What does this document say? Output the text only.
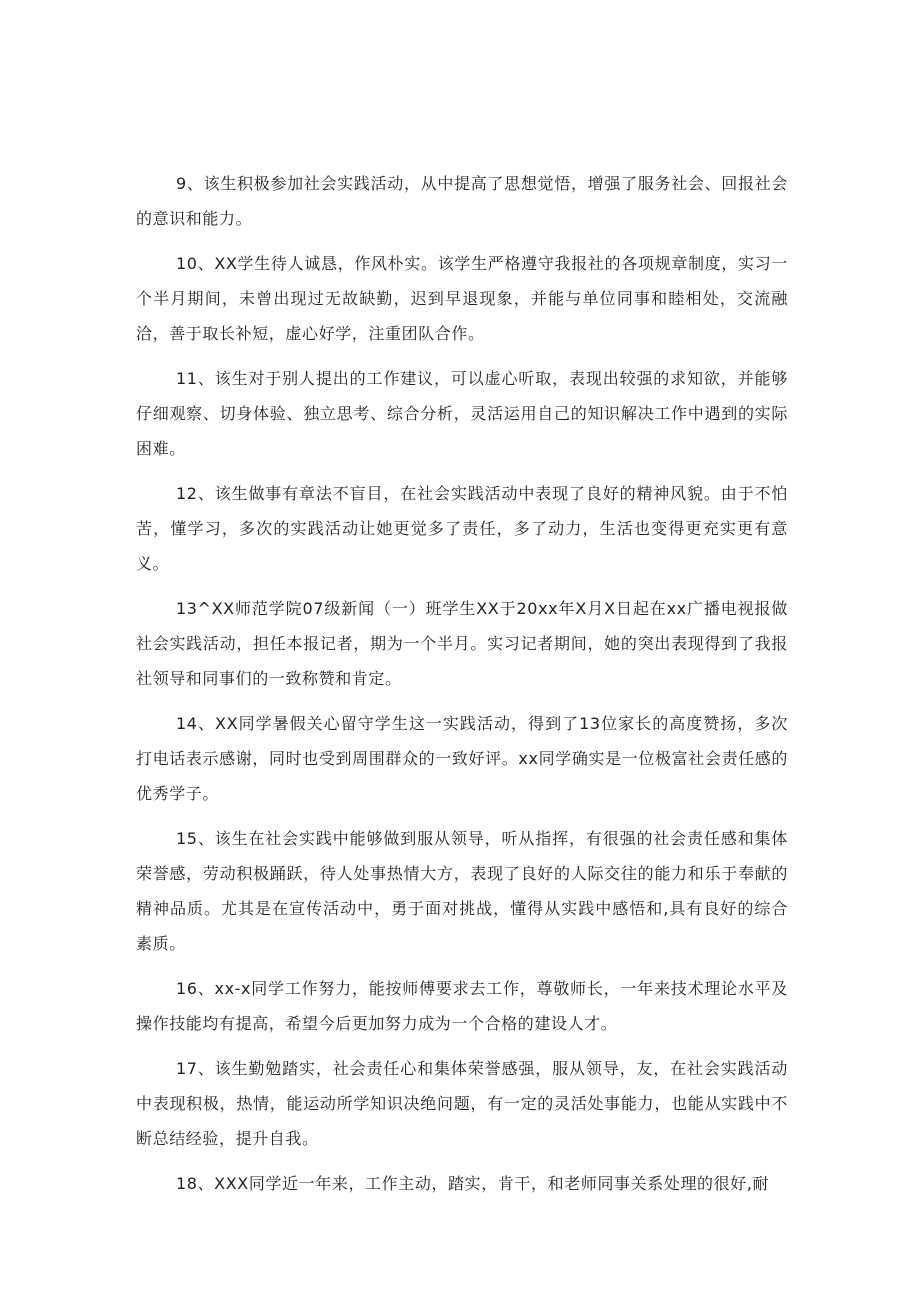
9、该生积极参加社会实践活动，从中提高了思想觉悟，增强了服务社会、回报社会的意识和能力。

10、XX学生待人诚恳，作风朴实。该学生严格遵守我报社的各项规章制度，实习一个半月期间，未曾出现过无故缺勤，迟到早退现象，并能与单位同事和睦相处，交流融洽，善于取长补短，虚心好学，注重团队合作。

11、该生对于别人提出的工作建议，可以虚心听取，表现出较强的求知欲，并能够仔细观察、切身体验、独立思考、综合分析，灵活运用自己的知识解决工作中遇到的实际困难。

12、该生做事有章法不盲目，在社会实践活动中表现了良好的精神风貌。由于不怕苦，懂学习，多次的实践活动让她更觉多了责任，多了动力，生活也变得更充实更有意义。

13^XX师范学院07级新闻（一）班学生XX于20xx年X月X日起在xx广播电视报做社会实践活动，担任本报记者，期为一个半月。实习记者期间，她的突出表现得到了我报社领导和同事们的一致称赞和肯定。

14、XX同学暑假关心留守学生这一实践活动，得到了13位家长的高度赞扬，多次打电话表示感谢，同时也受到周围群众的一致好评。xx同学确实是一位极富社会责任感的优秀学子。

15、该生在社会实践中能够做到服从领导，听从指挥，有很强的社会责任感和集体荣誉感，劳动积极踊跃，待人处事热情大方，表现了良好的人际交往的能力和乐于奉献的精神品质。尤其是在宣传活动中，勇于面对挑战，懂得从实践中感悟和,具有良好的综合素质。

16、xx-x同学工作努力，能按师傅要求去工作，尊敬师长，一年来技术理论水平及操作技能均有提高，希望今后更加努力成为一个合格的建设人才。

17、该生勤勉踏实，社会责任心和集体荣誉感强，服从领导，友，在社会实践活动中表现积极，热情，能运动所学知识决绝问题，有一定的灵活处事能力，也能从实践中不断总结经验，提升自我。

18、XXX同学近一年来，工作主动，踏实，肯干，和老师同事关系处理的很好,耐
